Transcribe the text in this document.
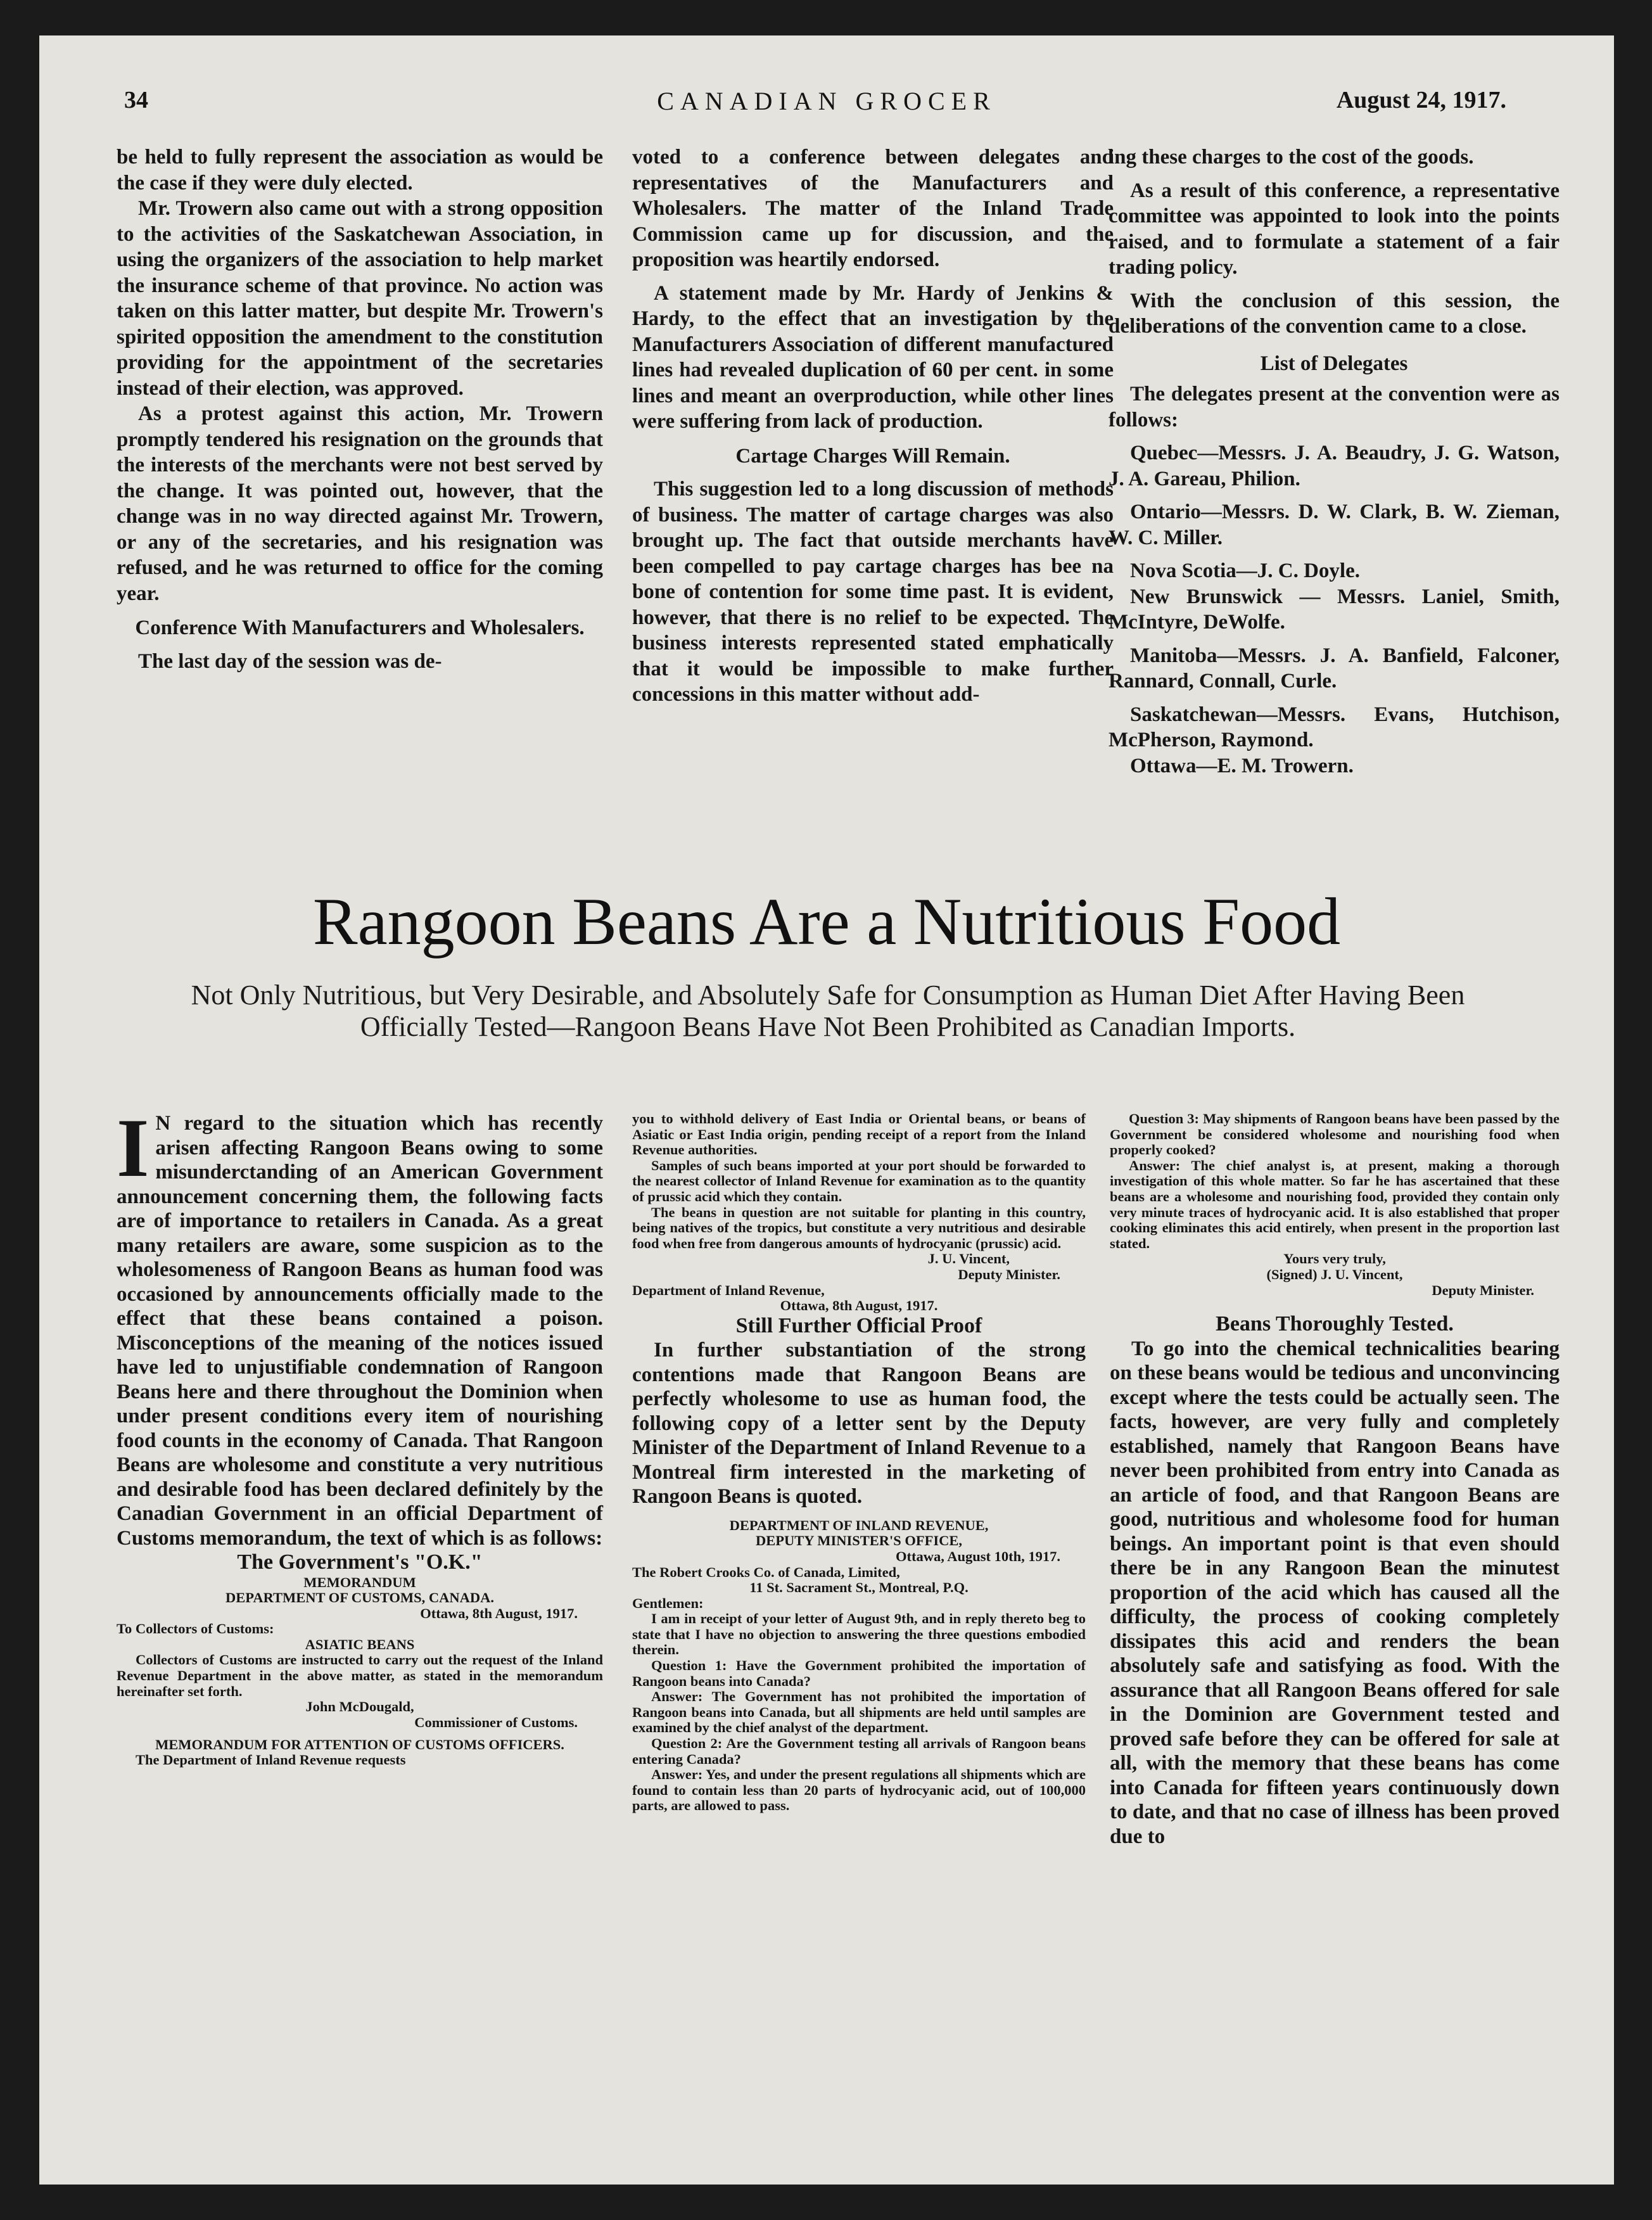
34	CANADIAN GROCER	August 24, 1917.

be held to fully represent the association as would be the case if they were duly elected.

Mr. Trowern also came out with a strong opposition to the activities of the Saskatchewan Association, in using the organizers of the association to help market the insurance scheme of that province. No action was taken on this latter matter, but despite Mr. Trowern's spirited opposition the amendment to the constitution providing for the appointment of the secretaries instead of their election, was approved.

As a protest against this action, Mr. Trowern promptly tendered his resignation on the grounds that the interests of the merchants were not best served by the change. It was pointed out, however, that the change was in no way directed against Mr. Trowern, or any of the secretaries, and his resignation was refused, and he was returned to office for the coming year.

Conference With Manufacturers and Wholesalers.

The last day of the session was de-

voted to a conference between delegates and representatives of the Manufacturers and Wholesalers. The matter of the Inland Trade Commission came up for discussion, and the proposition was heartily endorsed.

A statement made by Mr. Hardy of Jenkins & Hardy, to the effect that an investigation by the Manufacturers Association of different manufactured lines had revealed duplication of 60 per cent. in some lines and meant an overproduction, while other lines were suffering from lack of production.

Cartage Charges Will Remain.

This suggestion led to a long discussion of methods of business. The matter of cartage charges was also brought up. The fact that outside merchants have been compelled to pay cartage charges has bee na bone of contention for some time past. It is evident, however, that there is no relief to be expected. The business interests represented stated emphatically that it would be impossible to make further concessions in this matter without add-

ing these charges to the cost of the goods.

As a result of this conference, a representative committee was appointed to look into the points raised, and to formulate a statement of a fair trading policy.

With the conclusion of this session, the deliberations of the convention came to a close.

List of Delegates

The delegates present at the convention were as follows:

Quebec—Messrs. J. A. Beaudry, J. G. Watson, J. A. Gareau, Philion.

Ontario—Messrs. D. W. Clark, B. W. Zieman, W. C. Miller.

Nova Scotia—J. C. Doyle.

New Brunswick — Messrs. Laniel, Smith, McIntyre, DeWolfe.

Manitoba—Messrs. J. A. Banfield, Falconer, Rannard, Connall, Curle.

Saskatchewan—Messrs. Evans, Hutchison, McPherson, Raymond.

Ottawa—E. M. Trowern.

Rangoon Beans Are a Nutritious Food
Not Only Nutritious, but Very Desirable, and Absolutely Safe for Consumption as Human Diet After Having Been Officially Tested—Rangoon Beans Have Not Been Prohibited as Canadian Imports.

I N regard to the situation which has recently arisen affecting Rangoon Beans owing to some misunderctanding of an American Government announcement concerning them, the following facts are of importance to retailers in Canada. As a great many retailers are aware, some suspicion as to the wholesomeness of Rangoon Beans as human food was occasioned by announcements officially made to the effect that these beans contained a poison. Misconceptions of the meaning of the notices issued have led to unjustifiable condemnation of Rangoon Beans here and there throughout the Dominion when under present conditions every item of nourishing food counts in the economy of Canada. That Rangoon Beans are wholesome and constitute a very nutritious and desirable food has been declared definitely by the Canadian Government in an official Department of Customs memorandum, the text of which is as follows:

The Government's "O.K."

MEMORANDUM

DEPARTMENT OF CUSTOMS, CANADA.

Ottawa, 8th August, 1917.

To Collectors of Customs:

ASIATIC BEANS

Collectors of Customs are instructed to carry out the request of the Inland Revenue Department in the above matter, as stated in the memorandum hereinafter set forth.

John McDougald,

Commissioner of Customs.

MEMORANDUM FOR ATTENTION OF CUSTOMS OFFICERS.

The Department of Inland Revenue requests

you to withhold delivery of East India or Oriental beans, or beans of Asiatic or East India origin, pending receipt of a report from the Inland Revenue authorities.

Samples of such beans imported at your port should be forwarded to the nearest collector of Inland Revenue for examination as to the quantity of prussic acid which they contain.

The beans in question are not suitable for planting in this country, being natives of the tropics, but constitute a very nutritious and desirable food when free from dangerous amounts of hydrocyanic (prussic) acid.

J. U. Vincent,

Deputy Minister.

Department of Inland Revenue,

Ottawa, 8th August, 1917.

Still Further Official Proof

In further substantiation of the strong contentions made that Rangoon Beans are perfectly wholesome to use as human food, the following copy of a letter sent by the Deputy Minister of the Department of Inland Revenue to a Montreal firm interested in the marketing of Rangoon Beans is quoted.

DEPARTMENT OF INLAND REVENUE,

DEPUTY MINISTER'S OFFICE,

Ottawa, August 10th, 1917.

The Robert Crooks Co. of Canada, Limited,

11 St. Sacrament St., Montreal, P.Q.

Gentlemen:

I am in receipt of your letter of August 9th, and in reply thereto beg to state that I have no objection to answering the three questions embodied therein.

Question 1: Have the Government prohibited the importation of Rangoon beans into Canada?

Answer: The Government has not prohibited the importation of Rangoon beans into Canada, but all shipments are held until samples are examined by the chief analyst of the department.

Question 2: Are the Government testing all arrivals of Rangoon beans entering Canada?

Answer: Yes, and under the present regulations all shipments which are found to contain less than 20 parts of hydrocyanic acid, out of 100,000 parts, are allowed to pass.

Question 3: May shipments of Rangoon beans have been passed by the Government be considered wholesome and nourishing food when properly cooked?

Answer: The chief analyst is, at present, making a thorough investigation of this whole matter. So far he has ascertained that these beans are a wholesome and nourishing food, provided they contain only very minute traces of hydrocyanic acid. It is also established that proper cooking eliminates this acid entirely, when present in the proportion last stated.

Yours very truly,

(Signed) J. U. Vincent,

Deputy Minister.

Beans Thoroughly Tested.

To go into the chemical technicalities bearing on these beans would be tedious and unconvincing except where the tests could be actually seen. The facts, however, are very fully and completely established, namely that Rangoon Beans have never been prohibited from entry into Canada as an article of food, and that Rangoon Beans are good, nutritious and wholesome food for human beings. An important point is that even should there be in any Rangoon Bean the minutest proportion of the acid which has caused all the difficulty, the process of cooking completely dissipates this acid and renders the bean absolutely safe and satisfying as food. With the assurance that all Rangoon Beans offered for sale in the Dominion are Government tested and proved safe before they can be offered for sale at all, with the memory that these beans has come into Canada for fifteen years continuously down to date, and that no case of illness has been proved due to
